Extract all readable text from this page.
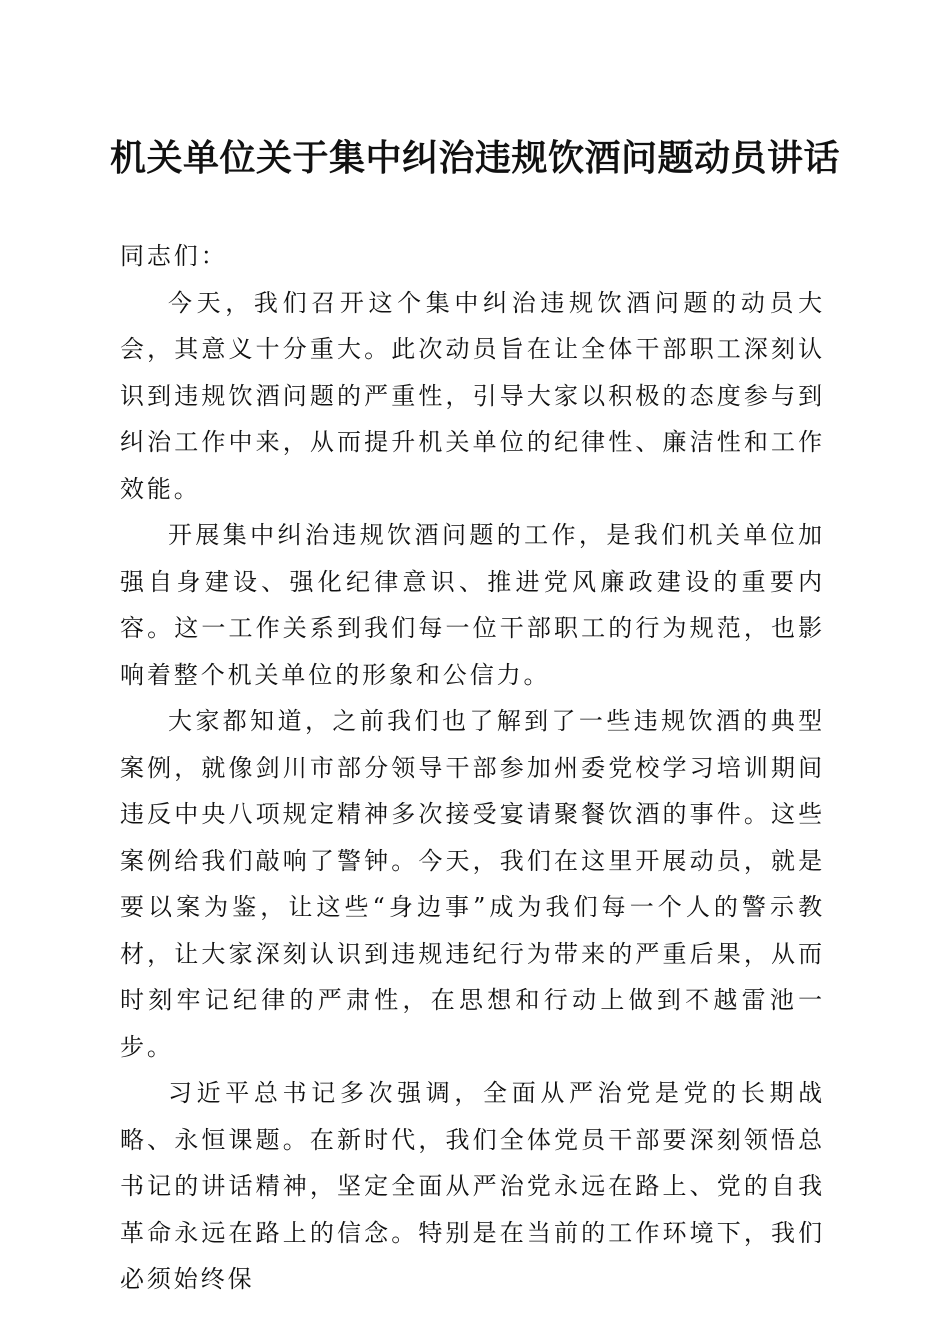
机关单位关于集中纠治违规饮酒问题动员讲话

同志们：

今天，我们召开这个集中纠治违规饮酒问题的动员大会，其意义十分重大。此次动员旨在让全体干部职工深刻认识到违规饮酒问题的严重性，引导大家以积极的态度参与到纠治工作中来，从而提升机关单位的纪律性、廉洁性和工作效能。

开展集中纠治违规饮酒问题的工作，是我们机关单位加强自身建设、强化纪律意识、推进党风廉政建设的重要内容。这一工作关系到我们每一位干部职工的行为规范，也影响着整个机关单位的形象和公信力。

大家都知道，之前我们也了解到了一些违规饮酒的典型案例，就像剑川市部分领导干部参加州委党校学习培训期间违反中央八项规定精神多次接受宴请聚餐饮酒的事件。这些案例给我们敲响了警钟。今天，我们在这里开展动员，就是要以案为鉴，让这些“身边事”成为我们每一个人的警示教材，让大家深刻认识到违规违纪行为带来的严重后果，从而时刻牢记纪律的严肃性，在思想和行动上做到不越雷池一步。

习近平总书记多次强调，全面从严治党是党的长期战略、永恒课题。在新时代，我们全体党员干部要深刻领悟总书记的讲话精神，坚定全面从严治党永远在路上、党的自我革命永远在路上的信念。特别是在当前的工作环境下，我们必须始终保
